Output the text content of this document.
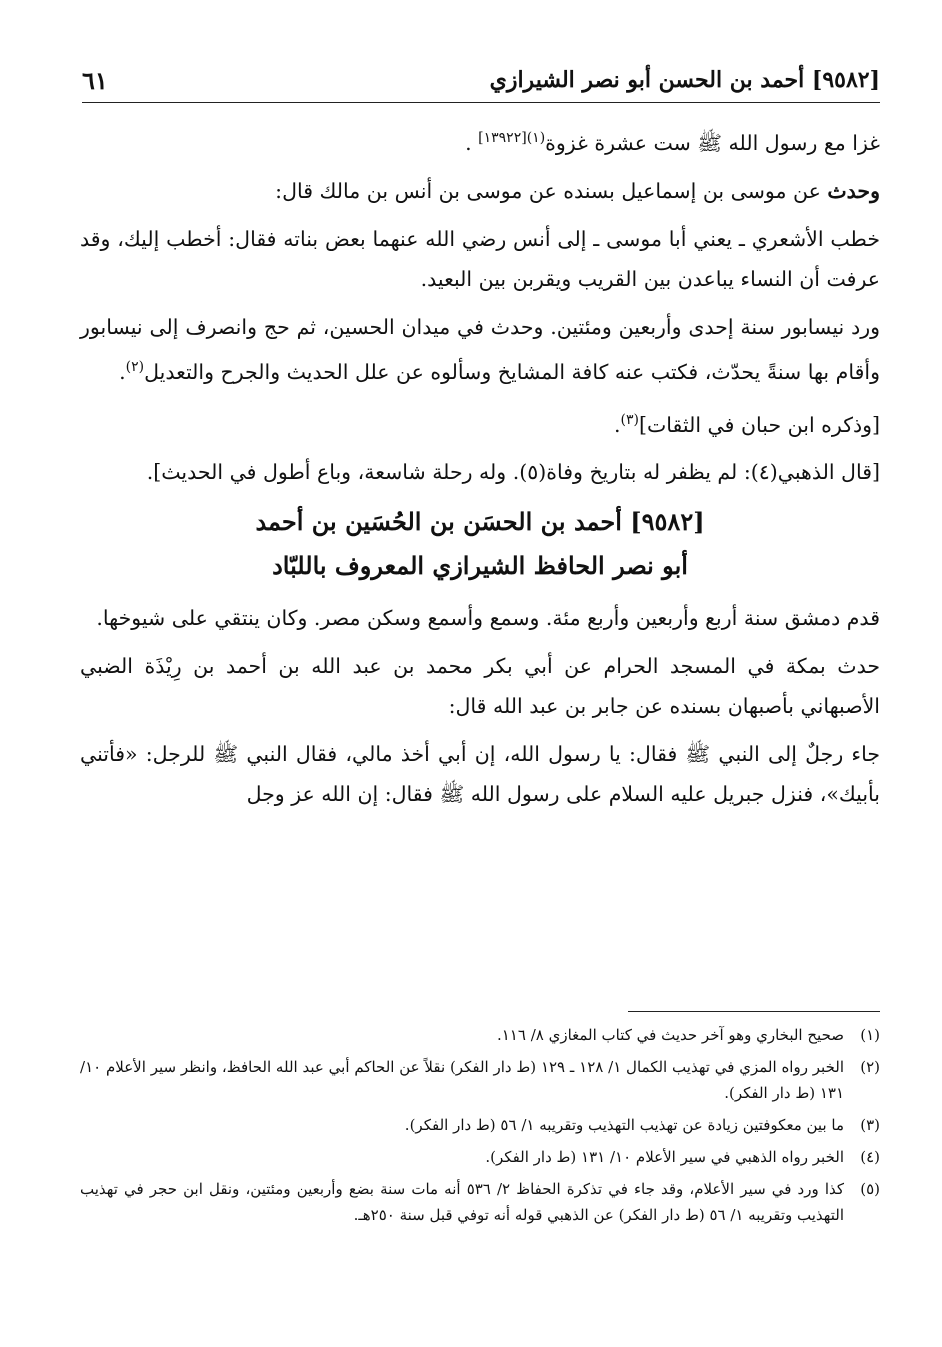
[٩٥٨٢] أحمد بن الحسن أبو نصر الشيرازي
٦١

غزا مع رسول الله ﷺ ست عشرة غزوة$^{(١)[١٣٩٢٢]}$ .

وحدث عن موسى بن إسماعيل بسنده عن موسى بن أنس بن مالك قال:

خطب الأشعري ـ يعني أبا موسى ـ إلى أنس رضي الله عنهما بعض بناته فقال: أخطب إليك، وقد عرفت أن النساء يباعدن بين القريب ويقربن بين البعيد.

ورد نيسابور سنة إحدى وأربعين ومئتين. وحدث في ميدان الحسين، ثم حج وانصرف إلى نيسابور وأقام بها سنةً يحدّث، فكتب عنه كافة المشايخ وسألوه عن علل الحديث والجرح والتعديل$^{(٢)}$.

[وذكره ابن حبان في الثقات]$^{(٣)}$.

[قال الذهبي(٤): لم يظفر له بتاريخ وفاة(٥). وله رحلة شاسعة، وباع أطول في الحديث].

[٩٥٨٢] أحمد بن الحسَن بن الحُسَين بن أحمد
أبو نصر الحافظ الشيرازي المعروف باللبّاد

قدم دمشق سنة أربع وأربعين وأربع مئة. وسمع وأسمع وسكن مصر. وكان ينتقي على شيوخها.

حدث بمكة في المسجد الحرام عن أبي بكر محمد بن عبد الله بن أحمد بن رِيْذَة الضبي الأصبهاني بأصبهان بسنده عن جابر بن عبد الله قال:

جاء رجلٌ إلى النبي ﷺ فقال: يا رسول الله، إن أبي أخذ مالي، فقال النبي ﷺ للرجل: «فأتني بأبيك»، فنزل جبريل عليه السلام على رسول الله ﷺ فقال: إن الله عز وجل

(١)
صحيح البخاري وهو آخر حديث في كتاب المغازي ٨/ ١١٦.
(٢)
الخبر رواه المزي في تهذيب الكمال ١/ ١٢٨ ـ ١٢٩ (ط دار الفكر) نقلاً عن الحاكم أبي عبد الله الحافظ، وانظر سير الأعلام ١٠/ ١٣١ (ط دار الفكر).
(٣)
ما بين معكوفتين زيادة عن تهذيب التهذيب وتقريبه ١/ ٥٦ (ط دار الفكر).
(٤)
الخبر رواه الذهبي في سير الأعلام ١٠/ ١٣١ (ط دار الفكر).
(٥)
كذا ورد في سير الأعلام، وقد جاء في تذكرة الحفاظ ٢/ ٥٣٦ أنه مات سنة بضع وأربعين ومئتين، ونقل ابن حجر في تهذيب التهذيب وتقريبه ١/ ٥٦ (ط دار الفكر) عن الذهبي قوله أنه توفي قبل سنة ٢٥٠هـ.
